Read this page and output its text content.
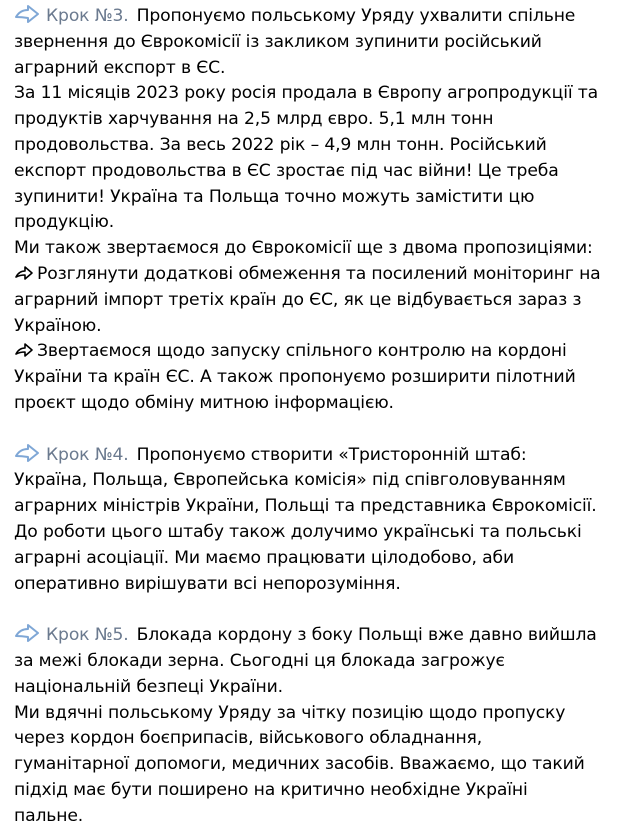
Крок №3. Пропонуємо польському Уряду ухвалити спільне
звернення до Єврокомісії із закликом зупинити російський
аграрний експорт в ЄС.
За 11 місяців 2023 року росія продала в Європу агропродукції та
продуктів харчування на 2,5 млрд євро. 5,1 млн тонн
продовольства. За весь 2022 рік – 4,9 млн тонн. Російський
експорт продовольства в ЄС зростає під час війни! Це треба
зупинити! Україна та Польща точно можуть замістити цю
продукцію.
Ми також звертаємося до Єврокомісії ще з двома пропозиціями:
Розглянути додаткові обмеження та посилений моніторинг на
аграрний імпорт третіх країн до ЄС, як це відбувається зараз з
Україною.
Звертаємося щодо запуску спільного контролю на кордоні
України та країн ЄС. А також пропонуємо розширити пілотний
проєкт щодо обміну митною інформацією.
Крок №4. Пропонуємо створити «Тристоронній штаб:
Україна, Польща, Європейська комісія» під співголовуванням
аграрних міністрів України, Польщі та представника Єврокомісії.
До роботи цього штабу також долучимо українські та польські
аграрні асоціації. Ми маємо працювати цілодобово, аби
оперативно вирішувати всі непорозуміння.
Крок №5. Блокада кордону з боку Польщі вже давно вийшла
за межі блокади зерна. Сьогодні ця блокада загрожує
національній безпеці України.
Ми вдячні польському Уряду за чітку позицію щодо пропуску
через кордон боєприпасів, військового обладнання,
гуманітарної допомоги, медичних засобів. Вважаємо, що такий
підхід має бути поширено на критично необхідне Україні
пальне.
